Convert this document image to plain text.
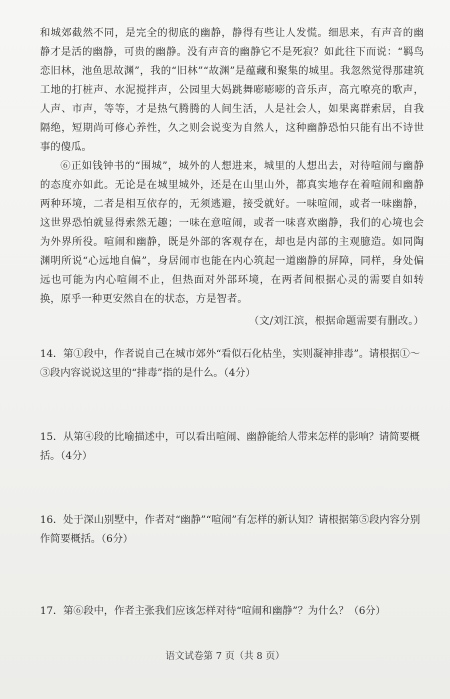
和城郊截然不同，是完全的彻底的幽静，静得有些让人发慌。细思来，有声音的幽静才是活的幽静，可贵的幽静。没有声音的幽静它不是死寂？如此往下而说：“羁鸟恋旧林，池鱼思故渊”，我的“旧林”“故渊”是蕴藏和聚集的城里。我忽然觉得那建筑工地的打桩声、水泥搅拌声，公园里大妈跳舞嘭嘭嘭的音乐声，高亢嘹亮的歌声，人声、市声，等等，才是热气腾腾的人间生活，人是社会人，如果离群索居，自我隔绝，短期尚可修心养性，久之则会说变为自然人，这种幽静恐怕只能有出不诗世事的傻瓜。

⑥正如钱钟书的“围城”，城外的人想进来，城里的人想出去，对待喧闹与幽静的态度亦如此。无论是在城里城外，还是在山里山外，都真实地存在着喧闹和幽静两种环境，二者是相互依存的，无须逃避，接受就好。一味喧闹，或者一味幽静，这世界恐怕就显得索然无趣；一味在意喧闹，或者一味喜欢幽静，我们的心境也会为外界所役。喧闹和幽静，既是外部的客观存在，却也是内部的主观臆造。如同陶渊明所说“心远地自偏”，身居闹市也能在内心筑起一道幽静的屏障，同样，身处偏远也可能为内心喧闹不止，但热面对外部环境，在两者间根据心灵的需要自如转换，原乎一种更安然自在的状态，方是智者。

（文/刘江滨，根据命题需要有删改。）

14．第①段中，作者说自己在城市郊外“看似石化枯坐，实则凝神排毒”。请根据①～③段内容说说这里的“排毒”指的是什么。（4分）

15．从第④段的比喻描述中，可以看出喧闹、幽静能给人带来怎样的影响？请简要概括。（4分）

16．处于深山别墅中，作者对“幽静”“喧闹”有怎样的新认知？请根据第⑤段内容分别作简要概括。（6分）

17．第⑥段中，作者主张我们应该怎样对待“喧闹和幽静”？为什么？（6分）

语文试卷第 7 页（共 8 页）
